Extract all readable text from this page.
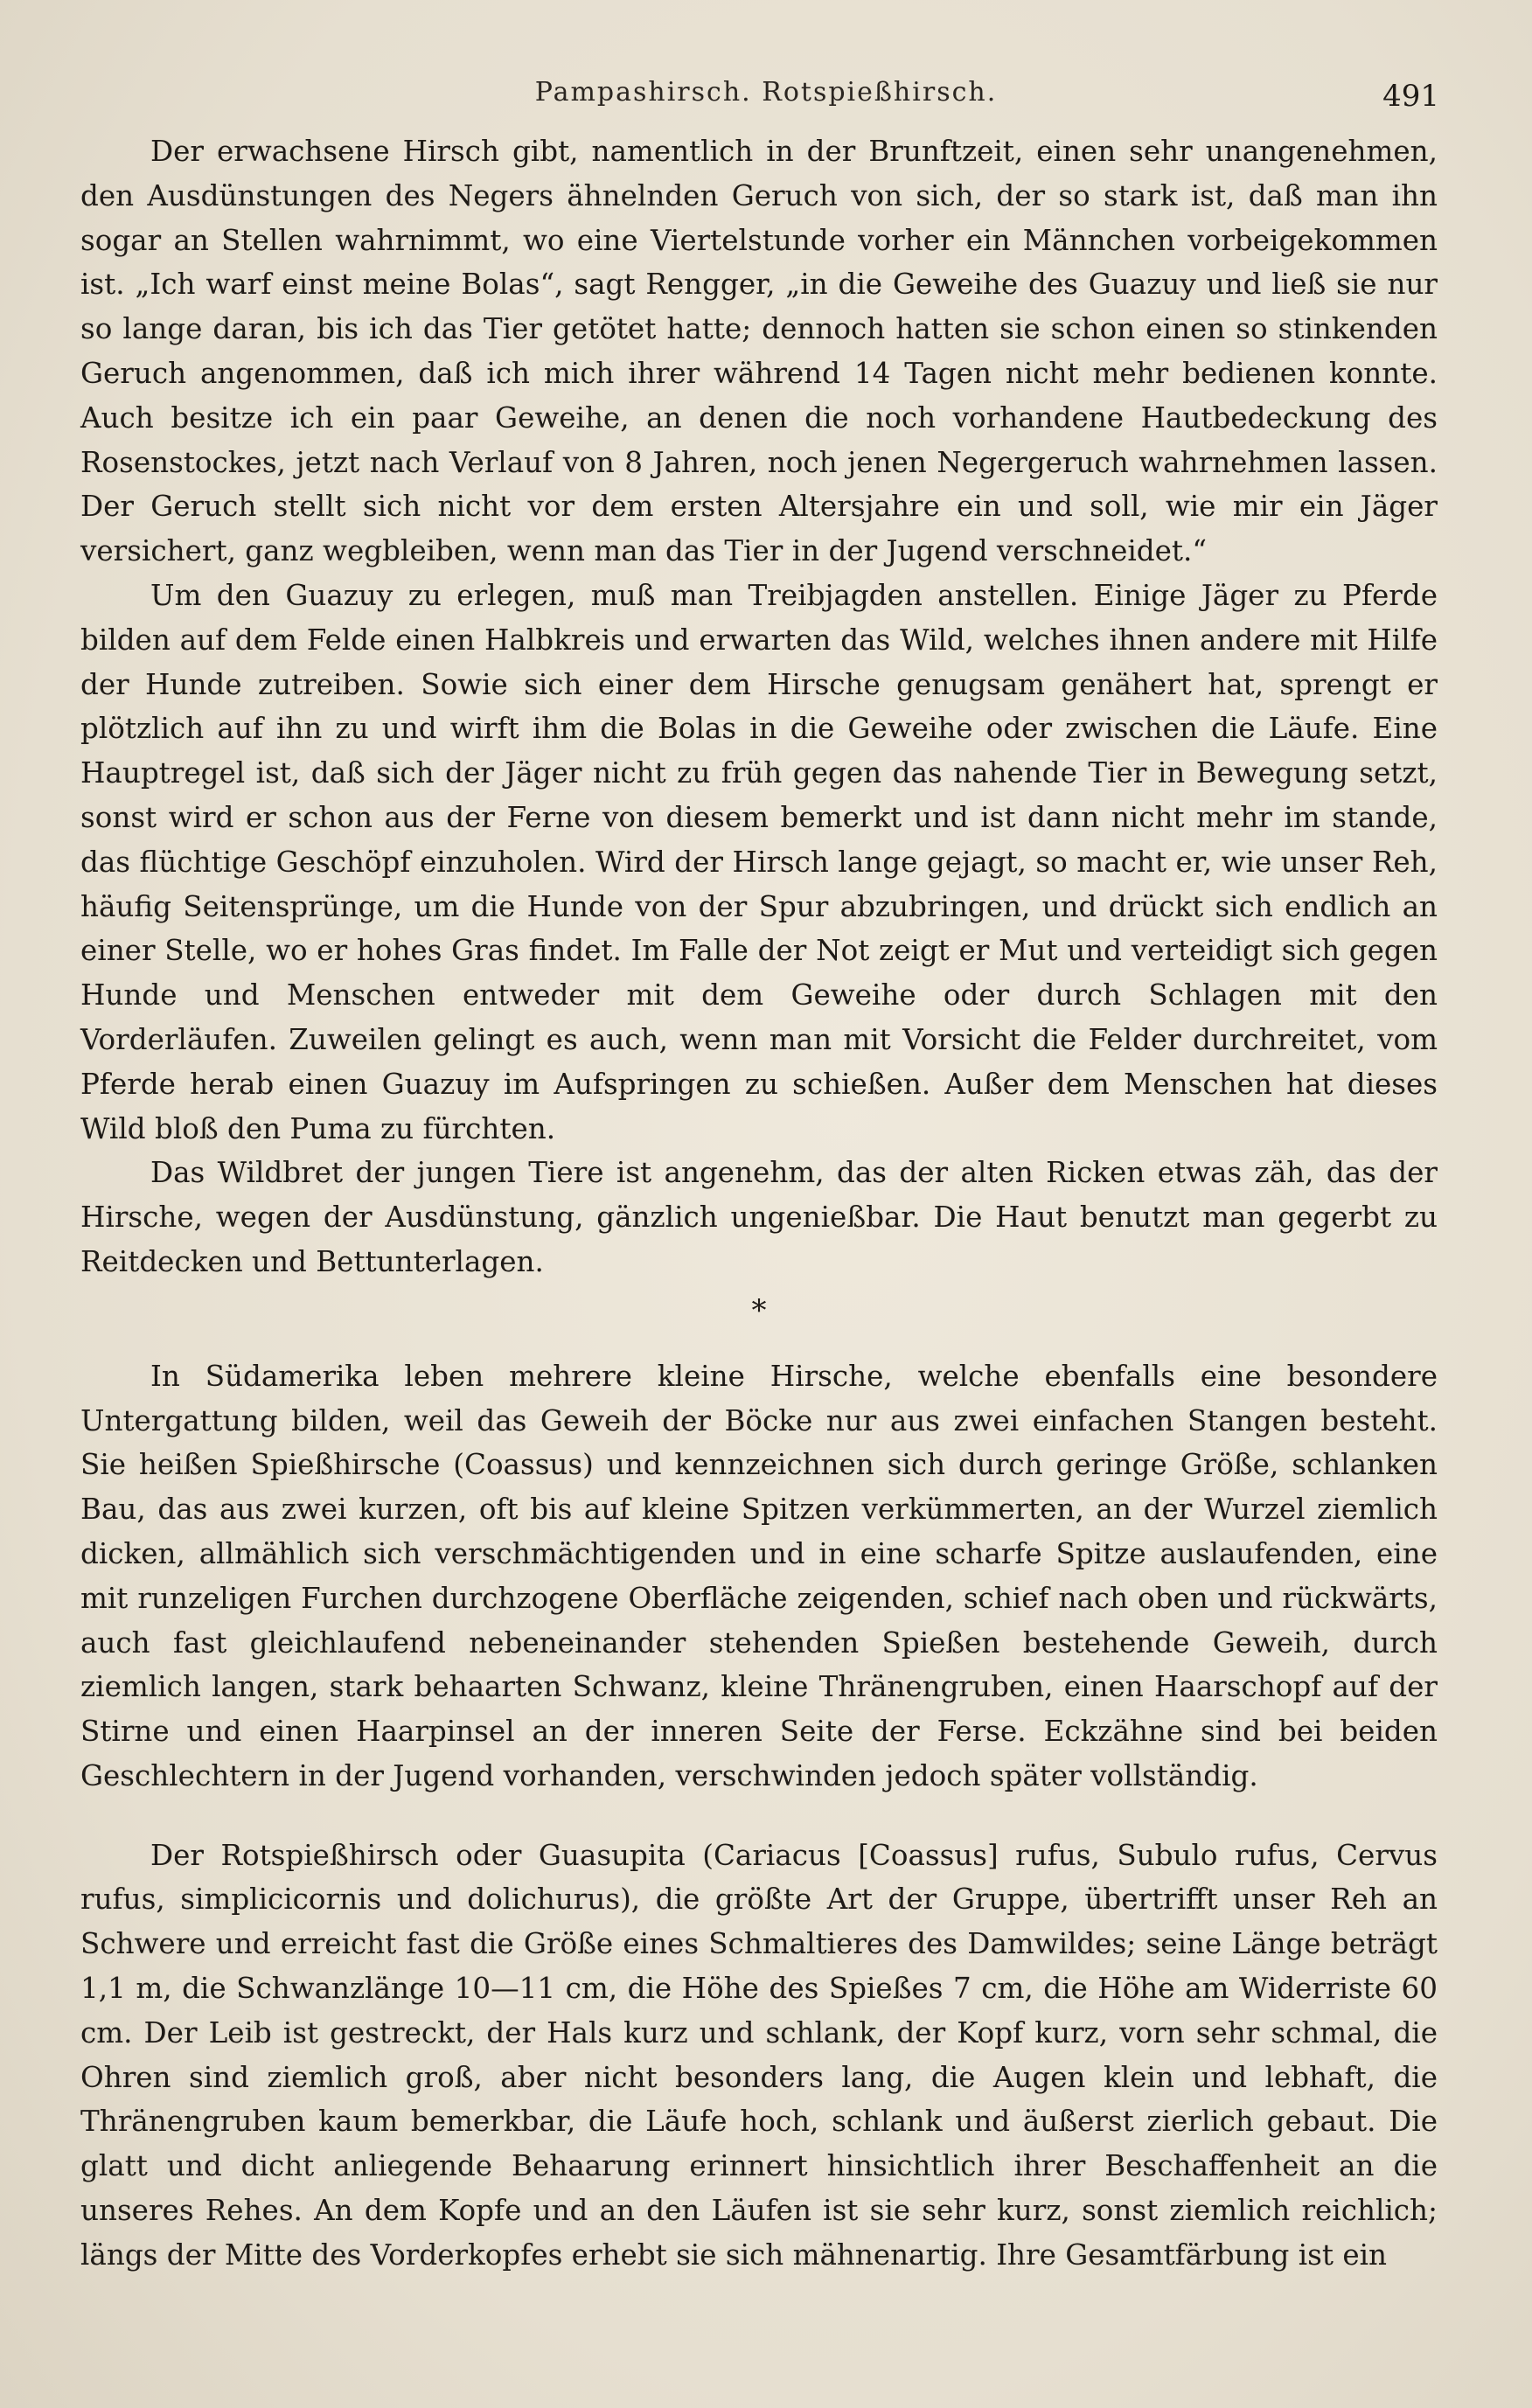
Pampashirsch. Rotspießhirsch.	491

Der erwachsene Hirsch gibt, namentlich in der Brunftzeit, einen sehr unangenehmen, den Ausdünstungen des Negers ähnelnden Geruch von sich, der so stark ist, daß man ihn sogar an Stellen wahrnimmt, wo eine Viertelstunde vorher ein Männchen vorbeigekommen ist. „Ich warf einst meine Bolas“, sagt Rengger, „in die Geweihe des Guazuy und ließ sie nur so lange daran, bis ich das Tier getötet hatte; dennoch hatten sie schon einen so stinkenden Geruch angenommen, daß ich mich ihrer während 14 Tagen nicht mehr bedienen konnte. Auch besitze ich ein paar Geweihe, an denen die noch vorhandene Hautbedeckung des Rosenstockes, jetzt nach Verlauf von 8 Jahren, noch jenen Negergeruch wahrnehmen lassen. Der Geruch stellt sich nicht vor dem ersten Altersjahre ein und soll, wie mir ein Jäger versichert, ganz wegbleiben, wenn man das Tier in der Jugend verschneidet.“

Um den Guazuy zu erlegen, muß man Treibjagden anstellen. Einige Jäger zu Pferde bilden auf dem Felde einen Halbkreis und erwarten das Wild, welches ihnen andere mit Hilfe der Hunde zutreiben. Sowie sich einer dem Hirsche genugsam genähert hat, sprengt er plötzlich auf ihn zu und wirft ihm die Bolas in die Geweihe oder zwischen die Läufe. Eine Hauptregel ist, daß sich der Jäger nicht zu früh gegen das nahende Tier in Bewegung setzt, sonst wird er schon aus der Ferne von diesem bemerkt und ist dann nicht mehr im stande, das flüchtige Geschöpf einzuholen. Wird der Hirsch lange gejagt, so macht er, wie unser Reh, häufig Seitensprünge, um die Hunde von der Spur abzubringen, und drückt sich endlich an einer Stelle, wo er hohes Gras findet. Im Falle der Not zeigt er Mut und verteidigt sich gegen Hunde und Menschen entweder mit dem Geweihe oder durch Schlagen mit den Vorderläufen. Zuweilen gelingt es auch, wenn man mit Vorsicht die Felder durchreitet, vom Pferde herab einen Guazuy im Aufspringen zu schießen. Außer dem Menschen hat dieses Wild bloß den Puma zu fürchten.

Das Wildbret der jungen Tiere ist angenehm, das der alten Ricken etwas zäh, das der Hirsche, wegen der Ausdünstung, gänzlich ungenießbar. Die Haut benutzt man gegerbt zu Reitdecken und Bettunterlagen.

*

In Südamerika leben mehrere kleine Hirsche, welche ebenfalls eine besondere Untergattung bilden, weil das Geweih der Böcke nur aus zwei einfachen Stangen besteht. Sie heißen Spießhirsche (Coassus) und kennzeichnen sich durch geringe Größe, schlanken Bau, das aus zwei kurzen, oft bis auf kleine Spitzen verkümmerten, an der Wurzel ziemlich dicken, allmählich sich verschmächtigenden und in eine scharfe Spitze auslaufenden, eine mit runzeligen Furchen durchzogene Oberfläche zeigenden, schief nach oben und rückwärts, auch fast gleichlaufend nebeneinander stehenden Spießen bestehende Geweih, durch ziemlich langen, stark behaarten Schwanz, kleine Thränengruben, einen Haarschopf auf der Stirne und einen Haarpinsel an der inneren Seite der Ferse. Eckzähne sind bei beiden Geschlechtern in der Jugend vorhanden, verschwinden jedoch später vollständig.

Der Rotspießhirsch oder Guasupita (Cariacus [Coassus] rufus, Subulo rufus, Cervus rufus, simplicicornis und dolichurus), die größte Art der Gruppe, übertrifft unser Reh an Schwere und erreicht fast die Größe eines Schmaltieres des Damwildes; seine Länge beträgt 1,1 m, die Schwanzlänge 10—11 cm, die Höhe des Spießes 7 cm, die Höhe am Widerriste 60 cm. Der Leib ist gestreckt, der Hals kurz und schlank, der Kopf kurz, vorn sehr schmal, die Ohren sind ziemlich groß, aber nicht besonders lang, die Augen klein und lebhaft, die Thränengruben kaum bemerkbar, die Läufe hoch, schlank und äußerst zierlich gebaut. Die glatt und dicht anliegende Behaarung erinnert hinsichtlich ihrer Beschaffenheit an die unseres Rehes. An dem Kopfe und an den Läufen ist sie sehr kurz, sonst ziemlich reichlich; längs der Mitte des Vorderkopfes erhebt sie sich mähnenartig. Ihre Gesamtfärbung ist ein
